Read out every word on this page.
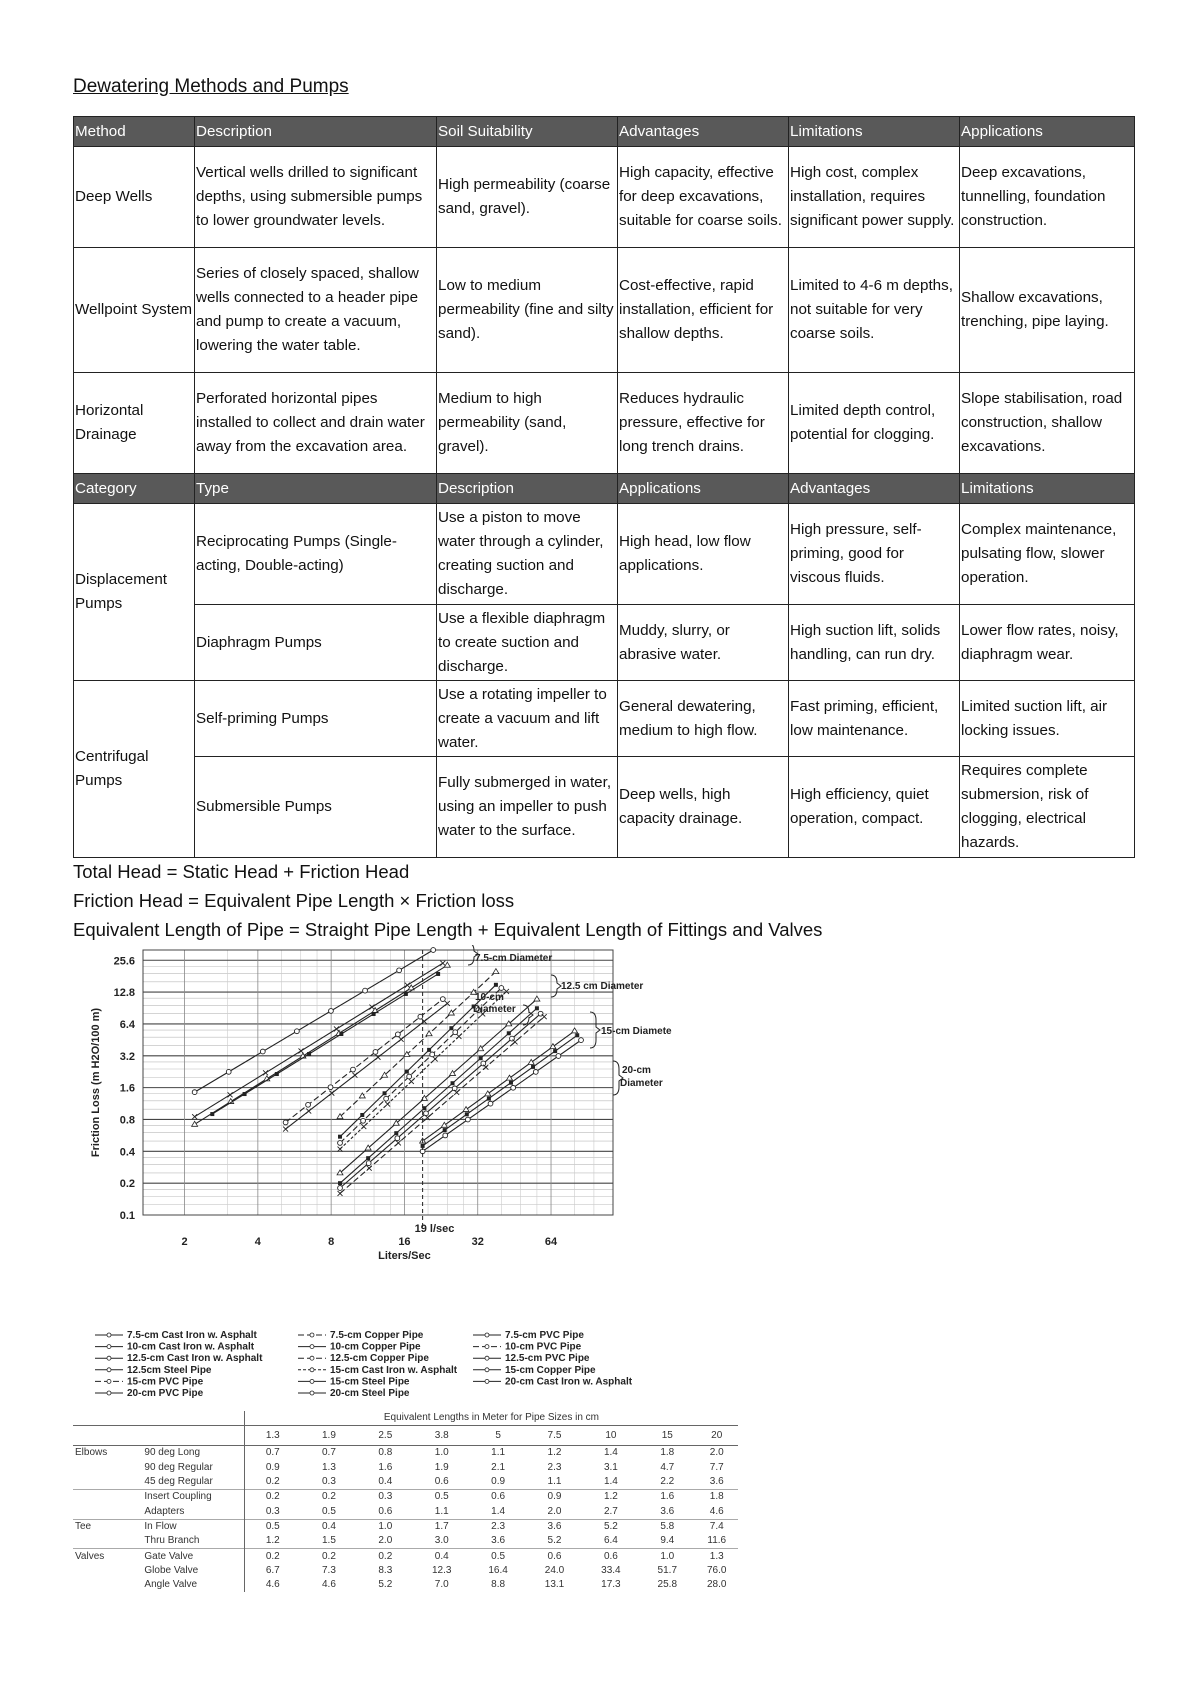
Dewatering Methods and Pumps
Method	Description	Soil Suitability	Advantages	Limitations	Applications
Deep Wells	Vertical wells drilled to significant depths, using submersible pumps to lower groundwater levels.	High permeability (coarse sand, gravel).	High capacity, effective for deep excavations, suitable for coarse soils.	High cost, complex installation, requires significant power supply.	Deep excavations, tunnelling, foundation construction.
Wellpoint System	Series of closely spaced, shallow wells connected to a header pipe and pump to create a vacuum, lowering the water table.	Low to medium permeability (fine and silty sand).	Cost-effective, rapid installation, efficient for shallow depths.	Limited to 4-6 m depths, not suitable for very coarse soils.	Shallow excavations, trenching, pipe laying.
Horizontal Drainage	Perforated horizontal pipes installed to collect and drain water away from the excavation area.	Medium to high permeability (sand, gravel).	Reduces hydraulic pressure, effective for long trench drains.	Limited depth control, potential for clogging.	Slope stabilisation, road construction, shallow excavations.
Category	Type	Description	Applications	Advantages	Limitations
Displacement Pumps	Reciprocating Pumps (Single-acting, Double-acting)	Use a piston to move water through a cylinder, creating suction and discharge.	High head, low flow applications.	High pressure, self-priming, good for viscous fluids.	Complex maintenance, pulsating flow, slower operation.
	Diaphragm Pumps	Use a flexible diaphragm to create suction and discharge.	Muddy, slurry, or abrasive water.	High suction lift, solids handling, can run dry.	Lower flow rates, noisy, diaphragm wear.
Centrifugal Pumps	Self-priming Pumps	Use a rotating impeller to create a vacuum and lift water.	General dewatering, medium to high flow.	Fast priming, efficient, low maintenance.	Limited suction lift, air locking issues.
	Submersible Pumps	Fully submerged in water, using an impeller to push water to the surface.	Deep wells, high capacity drainage.	High efficiency, quiet operation, compact.	Requires complete submersion, risk of clogging, electrical hazards.
Total Head = Static Head + Friction Head
Friction Head = Equivalent Pipe Length × Friction loss
Equivalent Length of Pipe = Straight Pipe Length + Equivalent Length of Fittings and Valves
0.1
0.2
0.4
0.8
1.6
3.2
6.4
12.8
25.6
2	4	8	16	32	64
Liters/Sec
Friction Loss (m H2O/100 m)
19 l/sec
7.5-cm Diameter
12.5 cm Diameter
10-cm
Diameter
15-cm Diamete
20-cm
Diameter
7.5-cm Cast Iron w. Asphalt
10-cm Cast Iron w. Asphalt
12.5-cm Cast Iron w. Asphalt
12.5cm Steel Pipe
15-cm PVC Pipe
20-cm PVC Pipe
7.5-cm Copper Pipe
10-cm Copper Pipe
12.5-cm Copper Pipe
15-cm Cast Iron w. Asphalt
15-cm Steel Pipe
20-cm Steel Pipe
7.5-cm PVC Pipe
10-cm PVC Pipe
12.5-cm PVC Pipe
15-cm Copper Pipe
20-cm Cast Iron w. Asphalt
		Equivalent Lengths in Meter for Pipe Sizes in cm								
		1.3	1.9	2.5	3.8	5	7.5	10	15	20
Elbows	90 deg Long	0.7	0.7	0.8	1.0	1.1	1.2	1.4	1.8	2.0
	90 deg Regular	0.9	1.3	1.6	1.9	2.1	2.3	3.1	4.7	7.7
	45 deg Regular	0.2	0.3	0.4	0.6	0.9	1.1	1.4	2.2	3.6
	Insert Coupling	0.2	0.2	0.3	0.5	0.6	0.9	1.2	1.6	1.8
	Adapters	0.3	0.5	0.6	1.1	1.4	2.0	2.7	3.6	4.6
Tee	In Flow	0.5	0.4	1.0	1.7	2.3	3.6	5.2	5.8	7.4
	Thru Branch	1.2	1.5	2.0	3.0	3.6	5.2	6.4	9.4	11.6
Valves	Gate Valve	0.2	0.2	0.2	0.4	0.5	0.6	0.6	1.0	1.3
	Globe Valve	6.7	7.3	8.3	12.3	16.4	24.0	33.4	51.7	76.0
	Angle Valve	4.6	4.6	5.2	7.0	8.8	13.1	17.3	25.8	28.0
